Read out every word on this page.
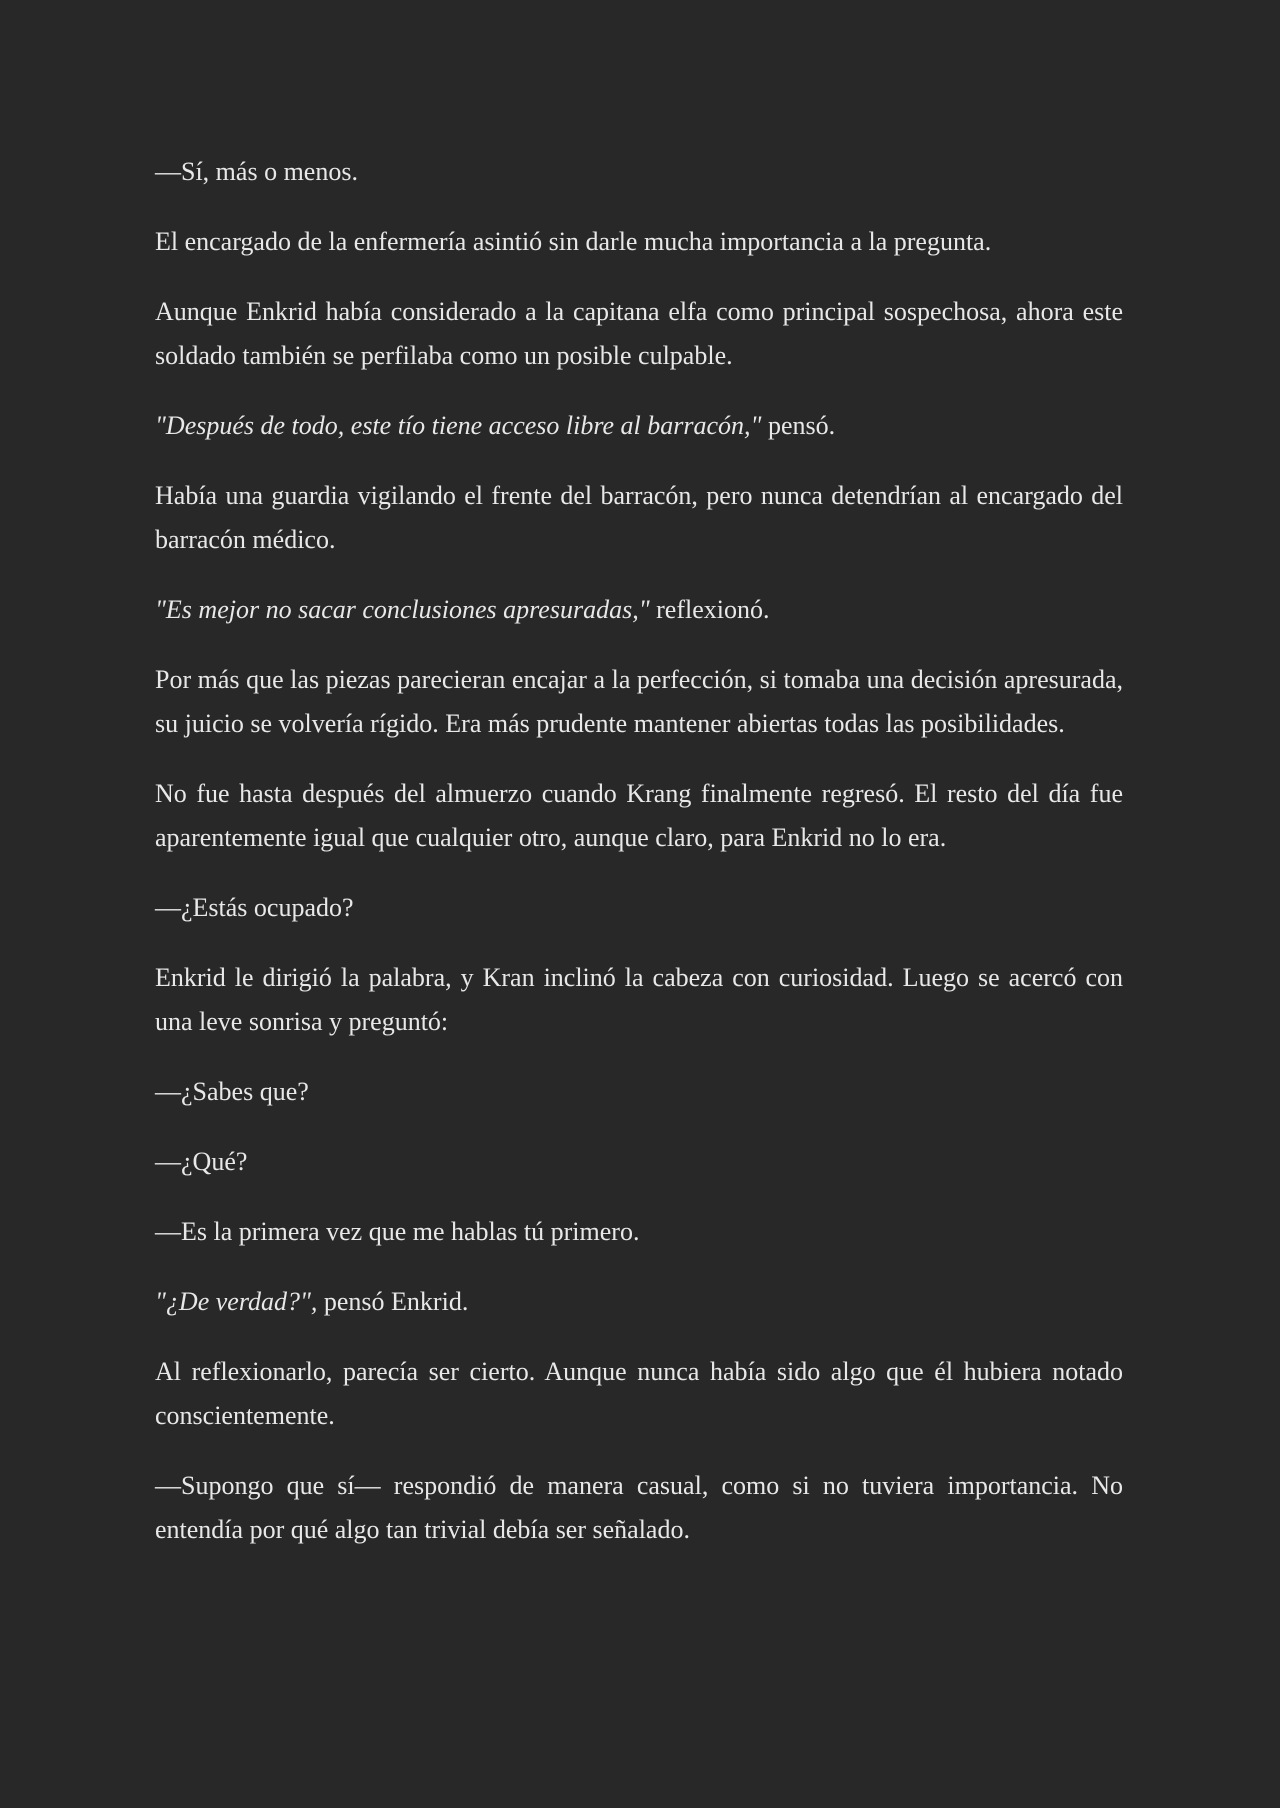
—Sí, más o menos.

El encargado de la enfermería asintió sin darle mucha importancia a la pregunta.

Aunque Enkrid había considerado a la capitana elfa como principal sospechosa, ahora este soldado también se perfilaba como un posible culpable.

"Después de todo, este tío tiene acceso libre al barracón," pensó.

Había una guardia vigilando el frente del barracón, pero nunca detendrían al encargado del barracón médico.

"Es mejor no sacar conclusiones apresuradas," reflexionó.

Por más que las piezas parecieran encajar a la perfección, si tomaba una decisión apresurada, su juicio se volvería rígido. Era más prudente mantener abiertas todas las posibilidades.

No fue hasta después del almuerzo cuando Krang finalmente regresó. El resto del día fue aparentemente igual que cualquier otro, aunque claro, para Enkrid no lo era.

—¿Estás ocupado?

Enkrid le dirigió la palabra, y Kran inclinó la cabeza con curiosidad. Luego se acercó con una leve sonrisa y preguntó:

—¿Sabes que?

—¿Qué?

—Es la primera vez que me hablas tú primero.

"¿De verdad?", pensó Enkrid.

Al reflexionarlo, parecía ser cierto. Aunque nunca había sido algo que él hubiera notado conscientemente.

—Supongo que sí— respondió de manera casual, como si no tuviera importancia. No entendía por qué algo tan trivial debía ser señalado.
